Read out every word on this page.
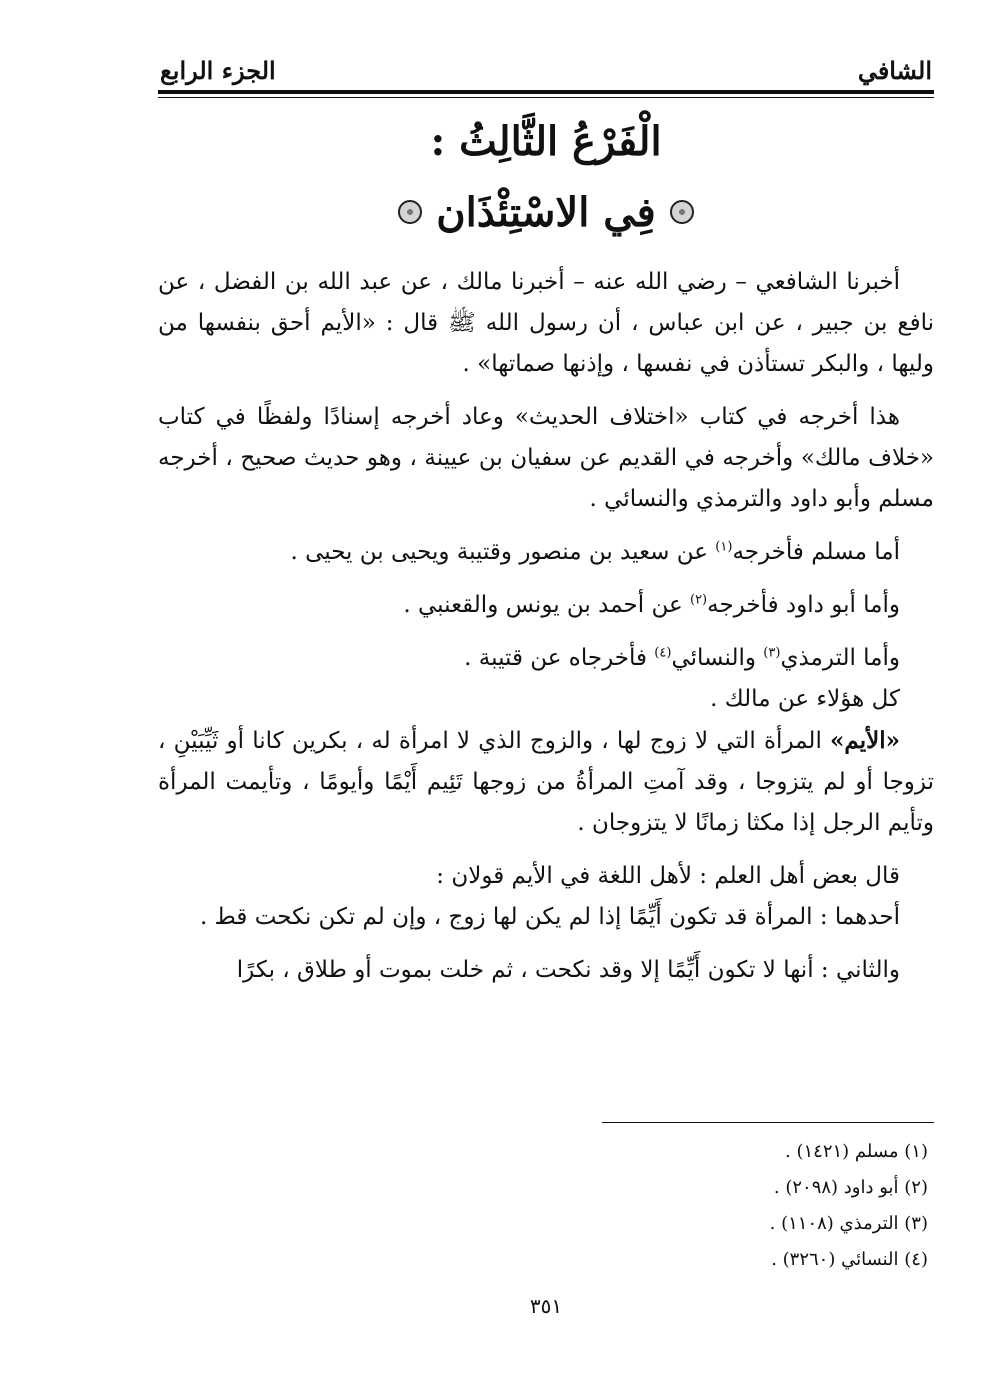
الشافي
الجزء الرابع
الْفَرْعُ الثَّالِثُ :
فِي الاسْتِئْذَان

أخبرنا الشافعي – رضي الله عنه – أخبرنا مالك ، عن عبد الله بن الفضل ، عن نافع بن جبير ، عن ابن عباس ، أن رسول الله ﷺ قال : «الأيم أحق بنفسها من وليها ، والبكر تستأذن في نفسها ، وإذنها صماتها» .

هذا أخرجه في كتاب «اختلاف الحديث» وعاد أخرجه إسنادًا ولفظًا في كتاب «خلاف مالك» وأخرجه في القديم عن سفيان بن عيينة ، وهو حديث صحيح ، أخرجه مسلم وأبو داود والترمذي والنسائي .

أما مسلم فأخرجه$^{(١)}$ عن سعيد بن منصور وقتيبة ويحيى بن يحيى .

وأما أبو داود فأخرجه$^{(٢)}$ عن أحمد بن يونس والقعنبي .

وأما الترمذي$^{(٣)}$ والنسائي$^{(٤)}$ فأخرجاه عن قتيبة .

كل هؤلاء عن مالك .

«الأيم» المرأة التي لا زوج لها ، والزوج الذي لا امرأة له ، بكرين كانا أو ثَيِّبَيْنِ ، تزوجا أو لم يتزوجا ، وقد آمتِ المرأةُ من زوجها تَئِيم أَيْمًا وأيومًا ، وتأيمت المرأة وتأيم الرجل إذا مكثا زمانًا لا يتزوجان .

قال بعض أهل العلم : لأهل اللغة في الأيم قولان :

أحدهما : المرأة قد تكون أَيِّمًا إذا لم يكن لها زوج ، وإن لم تكن نكحت قط .

والثاني : أنها لا تكون أَيِّمًا إلا وقد نكحت ، ثم خلت بموت أو طلاق ، بكرًا

(١) مسلم (١٤٢١) .

(٢) أبو داود (٢٠٩٨) .

(٣) الترمذي (١١٠٨) .

(٤) النسائي (٣٢٦٠) .

٣٥١
